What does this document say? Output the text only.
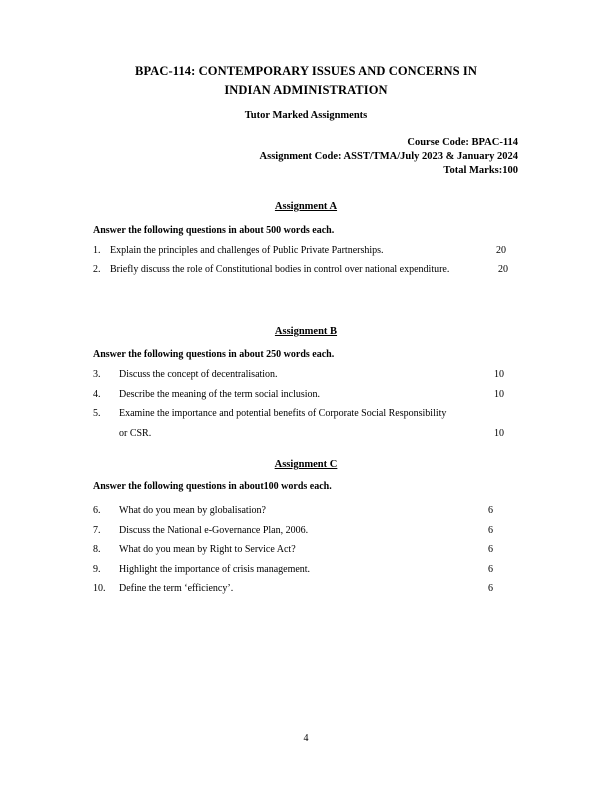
BPAC-114: CONTEMPORARY ISSUES AND CONCERNS IN
INDIAN ADMINISTRATION
Tutor Marked Assignments
Course Code: BPAC-114
Assignment Code: ASST/TMA/July 2023 & January 2024
Total Marks:100
Assignment A
Answer the following questions in about 500 words each.
1. Explain the principles and challenges of Public Private Partnerships.	20
2. Briefly discuss the role of Constitutional bodies in control over national expenditure.	20
Assignment B
Answer the following questions in about 250 words each.
3. Discuss the concept of decentralisation.	10
4. Describe the meaning of the term social inclusion.	10
5. Examine the importance and potential benefits of Corporate Social Responsibility
or CSR.	10
Assignment C
Answer the following questions in about100 words each.
6. What do you mean by globalisation?	6
7. Discuss the National e-Governance Plan, 2006.	6
8. What do you mean by Right to Service Act?	6
9. Highlight the importance of crisis management.	6
10. Define the term ‘efficiency’.	6
4
